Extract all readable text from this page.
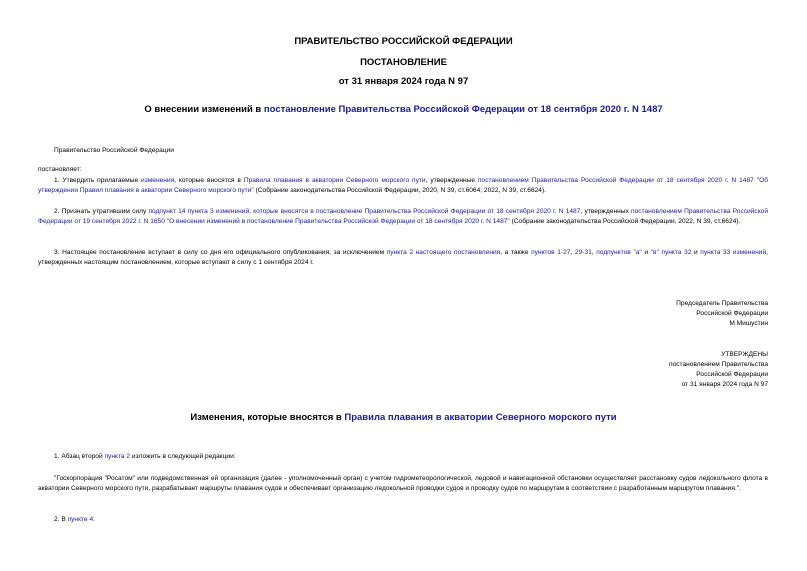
ПРАВИТЕЛЬСТВО РОССИЙСКОЙ ФЕДЕРАЦИИ
ПОСТАНОВЛЕНИЕ
от 31 января 2024 года N 97
О внесении изменений в постановление Правительства Российской Федерации от 18 сентября 2020 г. N 1487
Правительство Российской Федерации
постановляет:
1. Утвердить прилагаемые изменения, которые вносятся в Правила плавания в акватории Северного морского пути, утвержденные постановлением Правительства Российской Федерации от 18 сентября 2020 г. N 1487 "Об утверждении Правил плавания в акватории Северного морского пути" (Собрание законодательства Российской Федерации, 2020, N 39, ст.6064; 2022, N 39, ст.6624).
2. Признать утратившим силу подпункт 14 пункта 3 изменений, которые вносятся в постановление Правительства Российской Федерации от 18 сентября 2020 г. N 1487, утвержденных постановлением Правительства Российской Федерации от 19 сентября 2022 г. N 1650 "О внесении изменений в постановление Правительства Российской Федерации от 18 сентября 2020 г. N 1487" (Собрание законодательства Российской Федерации, 2022, N 39, ст.6624).
3. Настоящее постановление вступает в силу со дня его официального опубликования, за исключением пункта 2 настоящего постановления, а также пунктов 1-27, 29-31, подпунктов "а" и "в" пункта 32 и пункта 33 изменений, утвержденных настоящим постановлением, которые вступают в силу с 1 сентября 2024 г.
Председатель Правительства
Российской Федерации
М.Мишустин
УТВЕРЖДЕНЫ
постановлением Правительства
Российской Федерации
от 31 января 2024 года N 97
Изменения, которые вносятся в Правила плавания в акватории Северного морского пути
1. Абзац второй пункта 2 изложить в следующей редакции:
"Госкорпорация "Росатом" или подведомственная ей организация (далее - уполномоченный орган) с учетом гидрометеорологической, ледовой и навигационной обстановки осуществляет расстановку судов ледокольного флота в акватории Северного морского пути, разрабатывает маршруты плавания судов и обеспечивает организацию ледокольной проводки судов и проводку судов по маршрутам в соответствии с разработанным маршрутом плавания.".
2. В пункте 4:
